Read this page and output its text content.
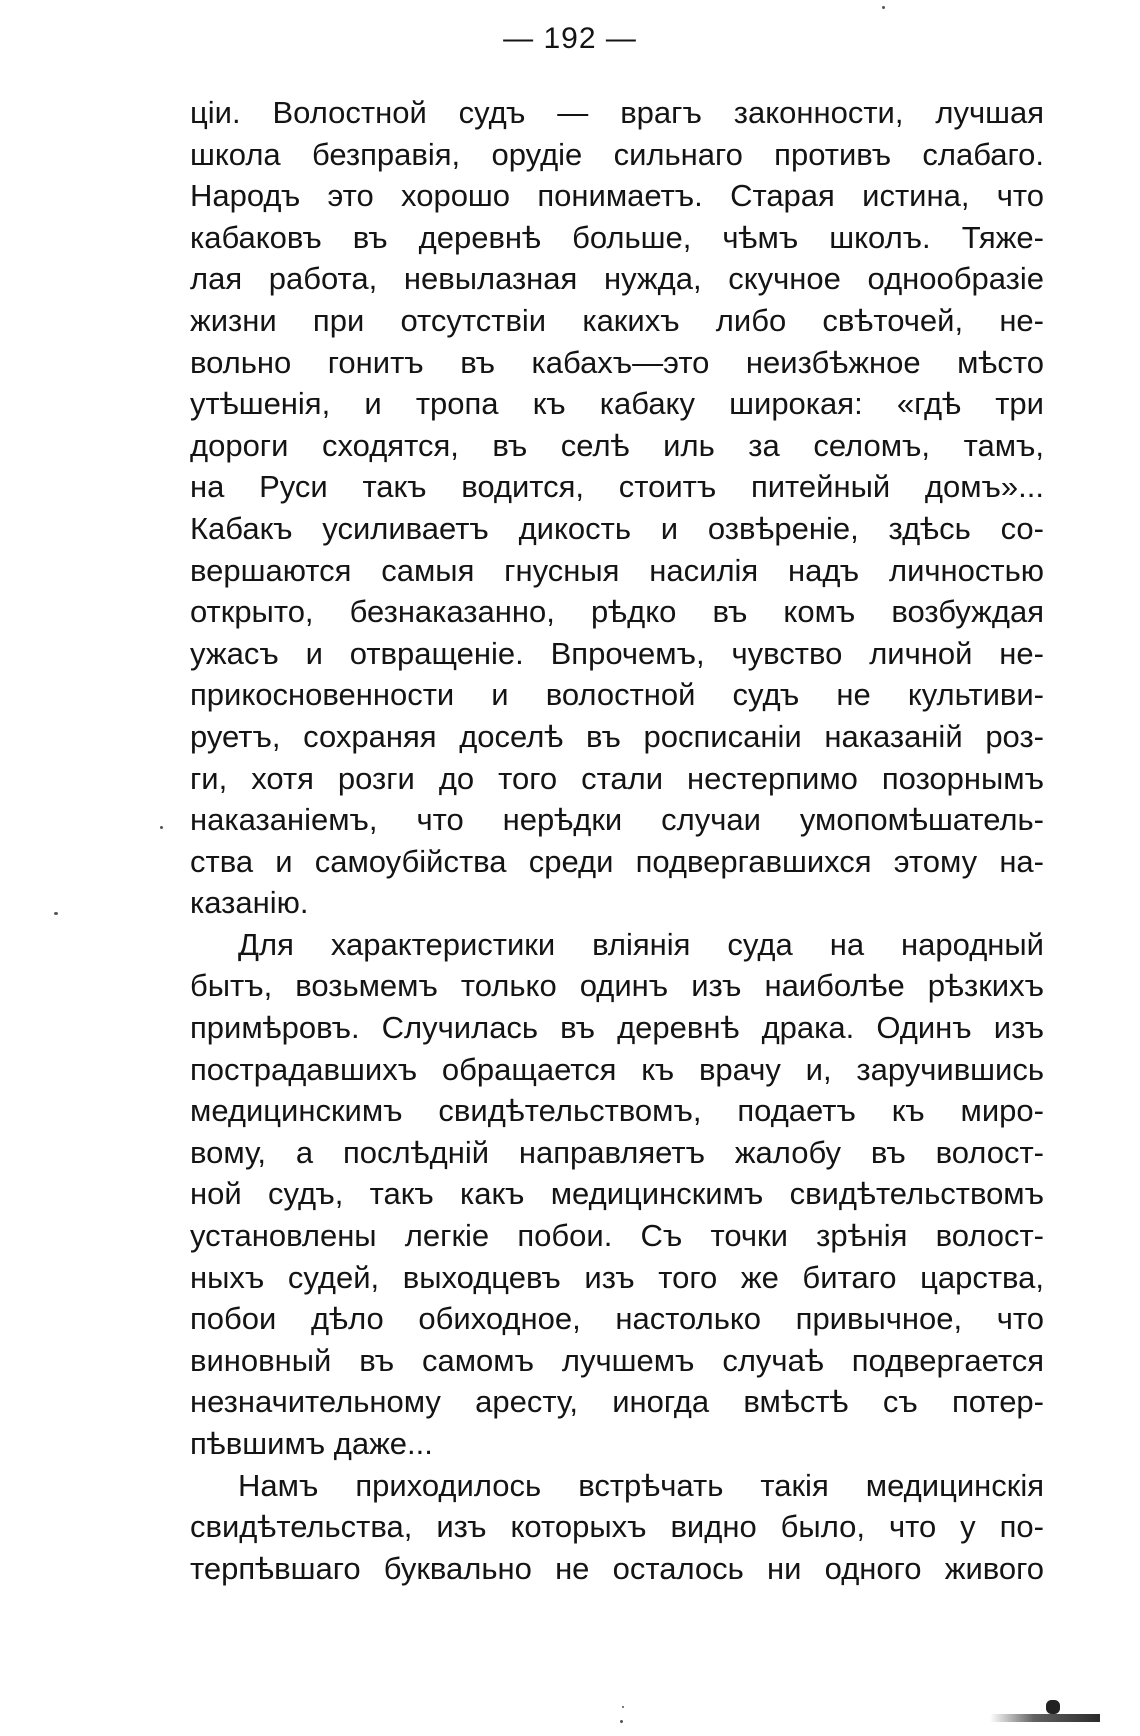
— 192 —
ціи. Волостной судъ — врагъ законности, лучшая
школа безправія, орудіе сильнаго противъ слабаго.
Народъ это хорошо понимаетъ. Старая истина, что
кабаковъ въ деревнѣ больше, чѣмъ школъ. Тяже-
лая работа, невылазная нужда, скучное однообразіе
жизни при отсутствіи какихъ либо свѣточей, не-
вольно гонитъ въ кабахъ—это неизбѣжное мѣсто
утѣшенія, и тропа къ кабаку широкая: «гдѣ три
дороги сходятся, въ селѣ иль за селомъ, тамъ,
на Руси такъ водится, стоитъ питейный домъ»...
Кабакъ усиливаетъ дикость и озвѣреніе, здѣсь со-
вершаются самыя гнусныя насилія надъ личностью
открыто, безнаказанно, рѣдко въ комъ возбуждая
ужасъ и отвращеніе. Впрочемъ, чувство личной не-
прикосновенности и волостной судъ не культиви-
руетъ, сохраняя доселѣ въ росписаніи наказаній роз-
ги, хотя розги до того стали нестерпимо позорнымъ
наказаніемъ, что нерѣдки случаи умопомѣшатель-
ства и самоубійства среди подвергавшихся этому на-
казанію.
Для характеристики вліянія суда на народный
бытъ, возьмемъ только одинъ изъ наиболѣе рѣзкихъ
примѣровъ. Случилась въ деревнѣ драка. Одинъ изъ
пострадавшихъ обращается къ врачу и, заручившись
медицинскимъ свидѣтельствомъ, подаетъ къ миро-
вому, а послѣдній направляетъ жалобу въ волост-
ной судъ, такъ какъ медицинскимъ свидѣтельствомъ
установлены легкіе побои. Съ точки зрѣнія волост-
ныхъ судей, выходцевъ изъ того же битаго царства,
побои дѣло обиходное, настолько привычное, что
виновный въ самомъ лучшемъ случаѣ подвергается
незначительному аресту, иногда вмѣстѣ съ потер-
пѣвшимъ даже...
Намъ приходилось встрѣчать такія медицинскія
свидѣтельства, изъ которыхъ видно было, что у по-
терпѣвшаго буквально не осталось ни одного живого
